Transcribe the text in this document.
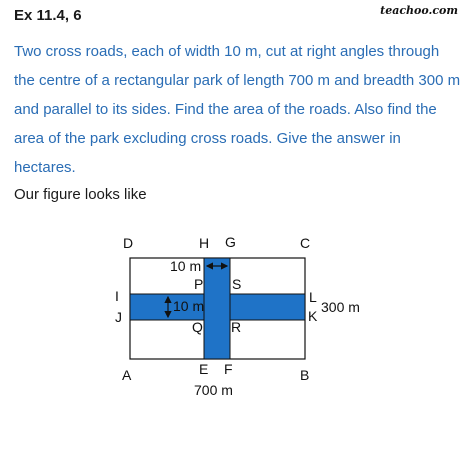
Ex 11.4, 6	teachoo.com
Two cross roads, each of width 10 m, cut at right angles through the centre of a rectangular park of length 700 m and breadth 300 m and parallel to its sides. Find the area of the roads. Also find the area of the park excluding cross roads. Give the answer in hectares.
Our figure looks like
D	H G	C
10 m
P S
I
J
10 m
L
K
300 m
Q R
A	E F	B
700 m
